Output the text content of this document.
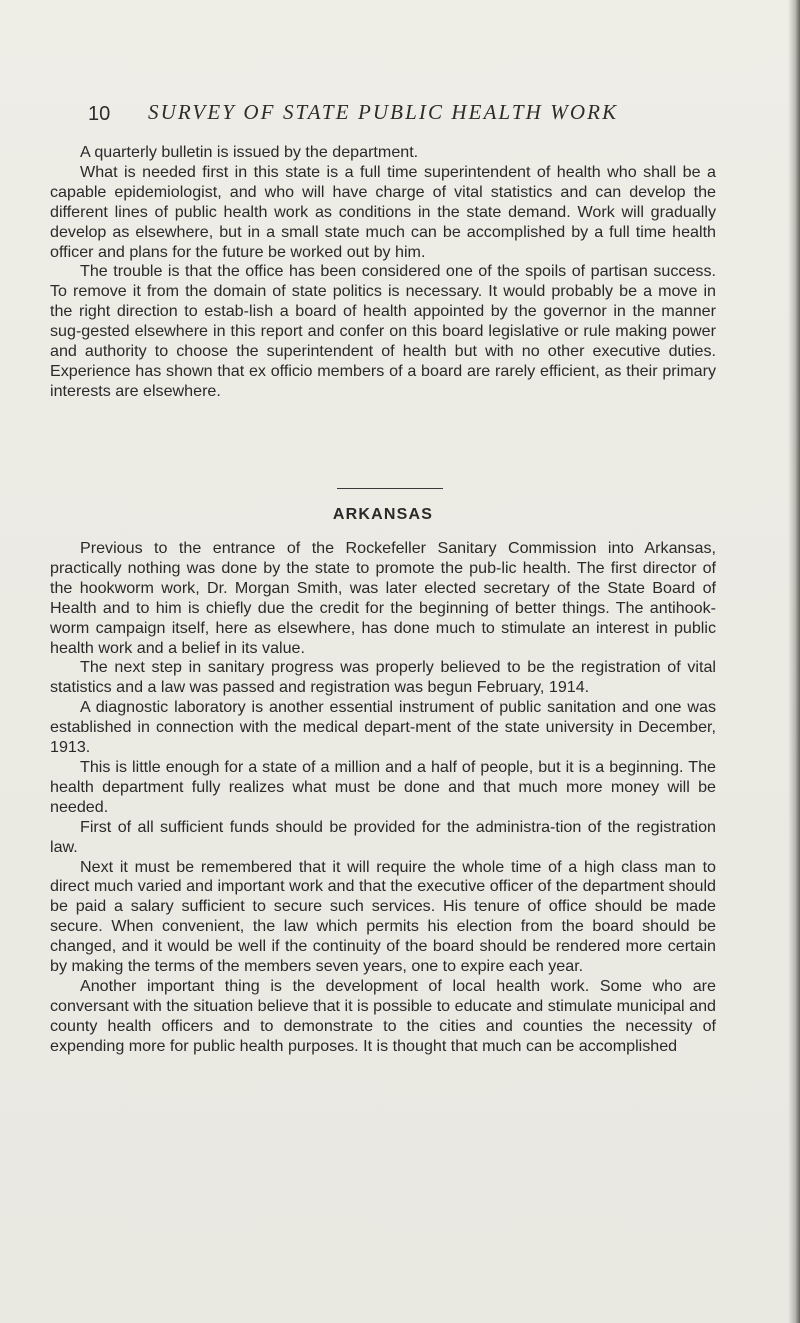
10 SURVEY OF STATE PUBLIC HEALTH WORK

A quarterly bulletin is issued by the department.

What is needed first in this state is a full time superintendent of health who shall be a capable epidemiologist, and who will have charge of vital statistics and can develop the different lines of public health work as conditions in the state demand. Work will gradually develop as elsewhere, but in a small state much can be accomplished by a full time health officer and plans for the future be worked out by him.

The trouble is that the office has been considered one of the spoils of partisan success. To remove it from the domain of state politics is necessary. It would probably be a move in the right direction to estab-lish a board of health appointed by the governor in the manner sug-gested elsewhere in this report and confer on this board legislative or rule making power and authority to choose the superintendent of health but with no other executive duties. Experience has shown that ex officio members of a board are rarely efficient, as their primary interests are elsewhere.

ARKANSAS

Previous to the entrance of the Rockefeller Sanitary Commission into Arkansas, practically nothing was done by the state to promote the pub-lic health. The first director of the hookworm work, Dr. Morgan Smith, was later elected secretary of the State Board of Health and to him is chiefly due the credit for the beginning of better things. The antihook-worm campaign itself, here as elsewhere, has done much to stimulate an interest in public health work and a belief in its value.

The next step in sanitary progress was properly believed to be the registration of vital statistics and a law was passed and registration was begun February, 1914.

A diagnostic laboratory is another essential instrument of public sanitation and one was established in connection with the medical depart-ment of the state university in December, 1913.

This is little enough for a state of a million and a half of people, but it is a beginning. The health department fully realizes what must be done and that much more money will be needed.

First of all sufficient funds should be provided for the administra-tion of the registration law.

Next it must be remembered that it will require the whole time of a high class man to direct much varied and important work and that the executive officer of the department should be paid a salary sufficient to secure such services. His tenure of office should be made secure. When convenient, the law which permits his election from the board should be changed, and it would be well if the continuity of the board should be rendered more certain by making the terms of the members seven years, one to expire each year.

Another important thing is the development of local health work. Some who are conversant with the situation believe that it is possible to educate and stimulate municipal and county health officers and to demonstrate to the cities and counties the necessity of expending more for public health purposes. It is thought that much can be accomplished
